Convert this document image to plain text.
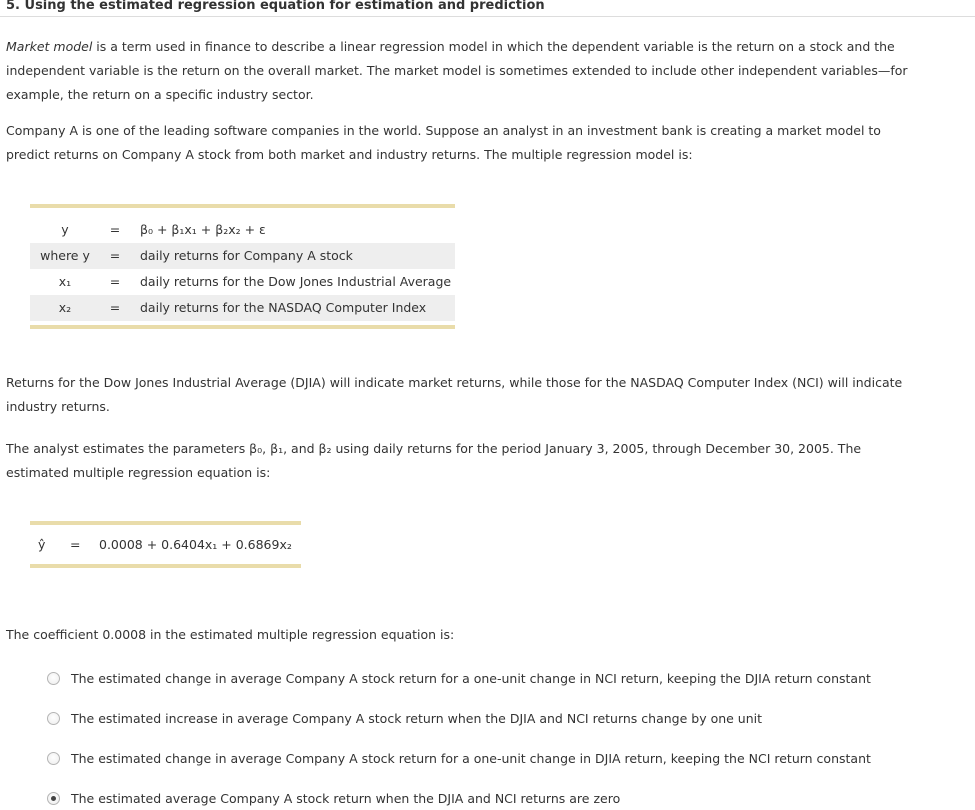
5. Using the estimated regression equation for estimation and prediction

Market model is a term used in finance to describe a linear regression model in which the dependent variable is the return on a stock and the independent variable is the return on the overall market. The market model is sometimes extended to include other independent variables—for example, the return on a specific industry sector.

Company A is one of the leading software companies in the world. Suppose an analyst in an investment bank is creating a market model to predict returns on Company A stock from both market and industry returns. The multiple regression model is:

y	= β₀ + β₁x₁ + β₂x₂ + ε
where y	= daily returns for Company A stock
x₁	= daily returns for the Dow Jones Industrial Average
x₂	= daily returns for the NASDAQ Computer Index

Returns for the Dow Jones Industrial Average (DJIA) will indicate market returns, while those for the NASDAQ Computer Index (NCI) will indicate industry returns.

The analyst estimates the parameters β₀, β₁, and β₂ using daily returns for the period January 3, 2005, through December 30, 2005. The estimated multiple regression equation is:

ŷ = 0.0008 + 0.6404x₁ + 0.6869x₂

The coefficient 0.0008 in the estimated multiple regression equation is:

The estimated change in average Company A stock return for a one-unit change in NCI return, keeping the DJIA return constant
The estimated increase in average Company A stock return when the DJIA and NCI returns change by one unit
The estimated change in average Company A stock return for a one-unit change in DJIA return, keeping the NCI return constant
The estimated average Company A stock return when the DJIA and NCI returns are zero
